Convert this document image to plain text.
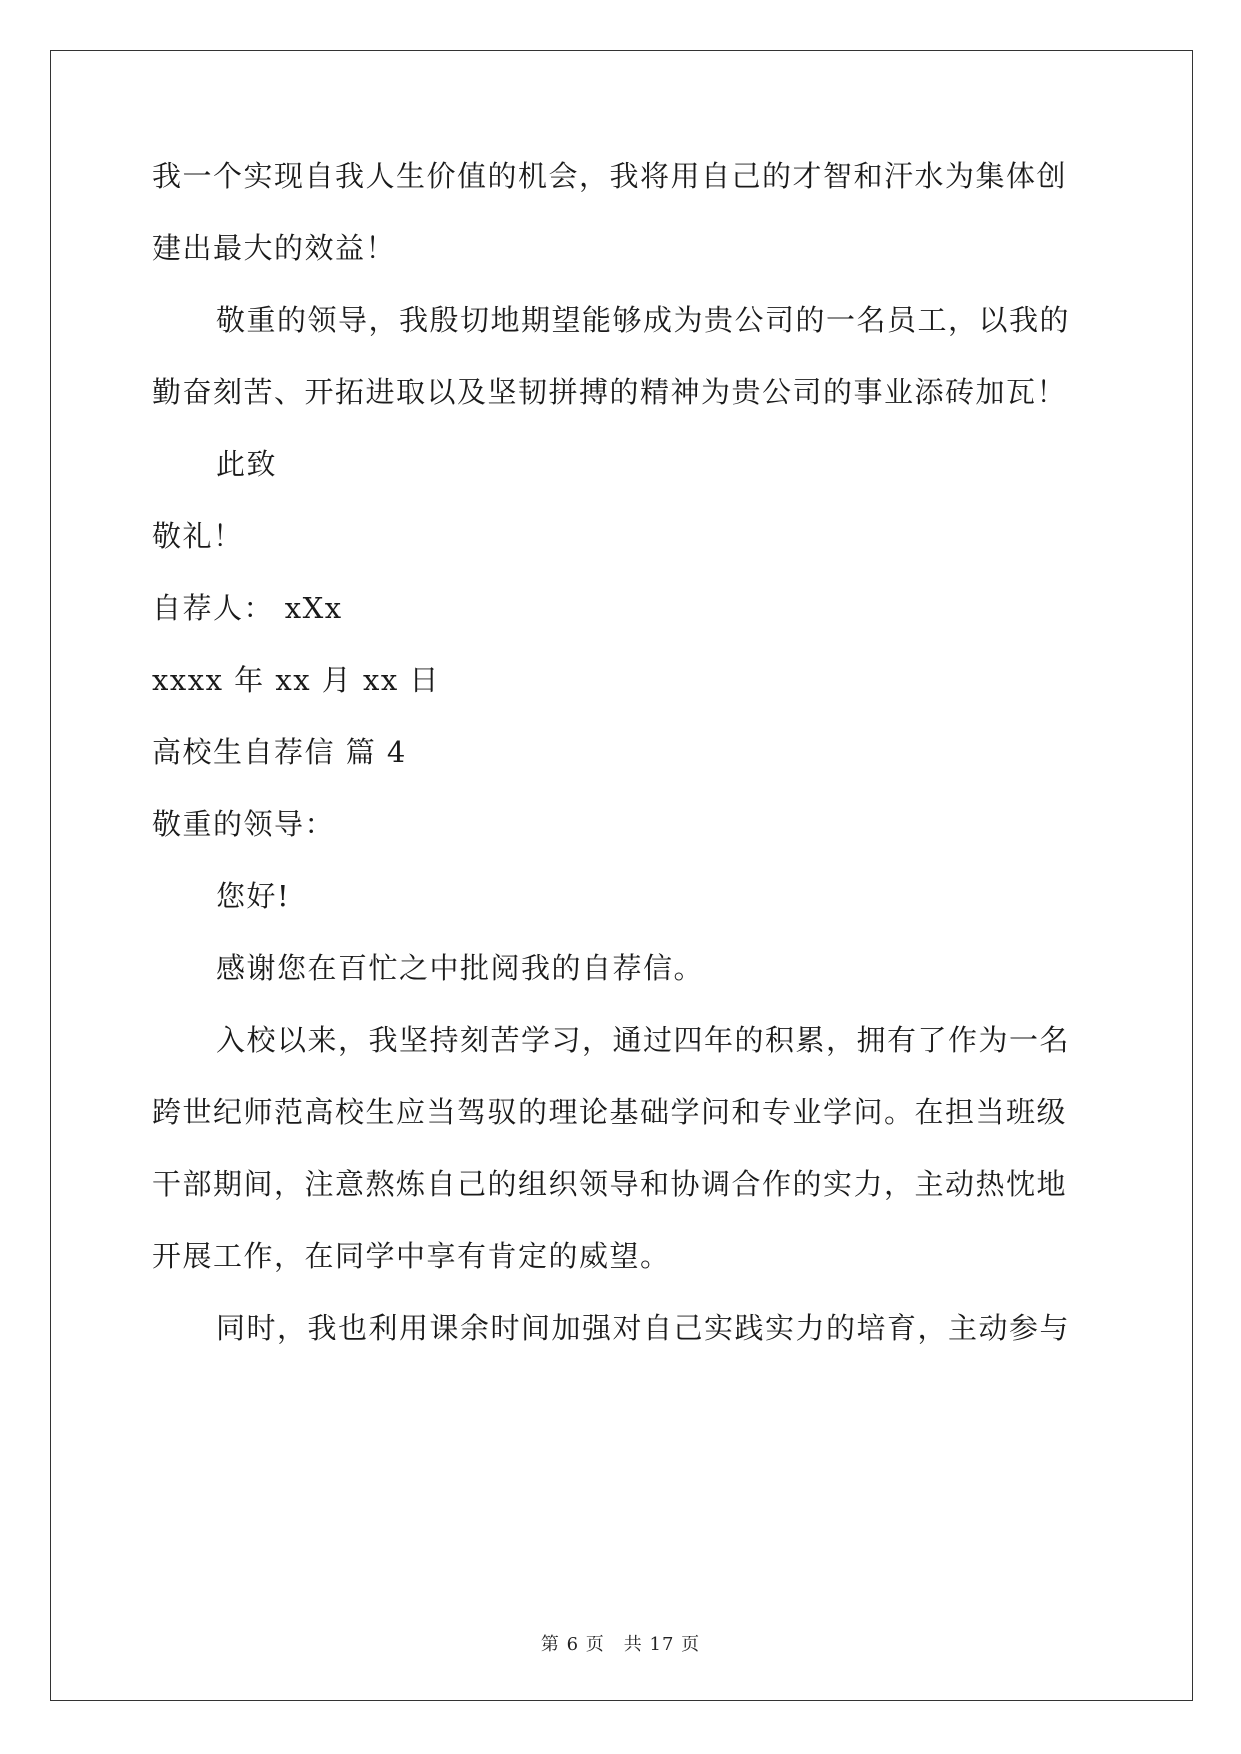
我一个实现自我人生价值的机会，我将用自己的才智和汗水为集体创
建出最大的效益！
敬重的领导，我殷切地期望能够成为贵公司的一名员工，以我的
勤奋刻苦、开拓进取以及坚韧拼搏的精神为贵公司的事业添砖加瓦！
此致
敬礼！
自荐人： xXx
xxxx 年 xx 月 xx 日
高校生自荐信 篇 4
敬重的领导：
您好!
感谢您在百忙之中批阅我的自荐信。
入校以来，我坚持刻苦学习，通过四年的积累，拥有了作为一名
跨世纪师范高校生应当驾驭的理论基础学问和专业学问。在担当班级
干部期间，注意熬炼自己的组织领导和协调合作的实力，主动热忱地
开展工作，在同学中享有肯定的威望。
同时，我也利用课余时间加强对自己实践实力的培育，主动参与
第 6 页　共 17 页
